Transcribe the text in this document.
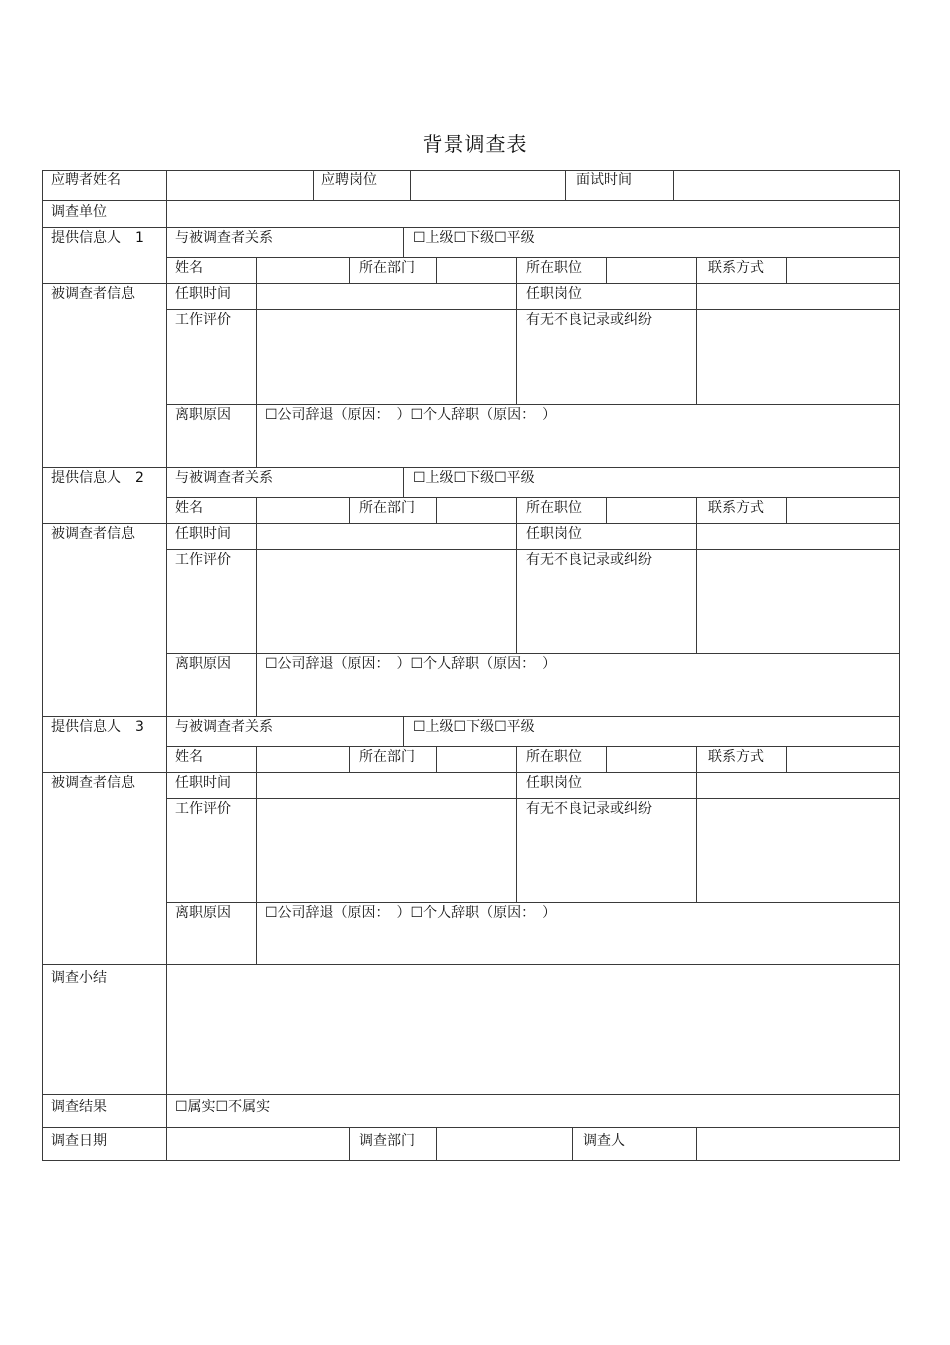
背景调查表
应聘者姓名	应聘岗位	面试时间
调查单位
提供信息人　1 与被调查者关系	☐上级☐下级☐平级
姓名	所在部门	所在职位	联系方式
被调查者信息	任职时间	任职岗位
工作评价	有无不良记录或纠纷
离职原因 ☐公司辞退（原因：　）☐个人辞职（原因：　）
提供信息人　2 与被调查者关系	☐上级☐下级☐平级
姓名	所在部门	所在职位	联系方式
被调查者信息	任职时间	任职岗位
工作评价	有无不良记录或纠纷
离职原因 ☐公司辞退（原因：　）☐个人辞职（原因：　）
提供信息人　3 与被调查者关系	☐上级☐下级☐平级
姓名	所在部门	所在职位	联系方式
被调查者信息	任职时间	任职岗位
工作评价	有无不良记录或纠纷
离职原因 ☐公司辞退（原因：　）☐个人辞职（原因：　）
调查小结
调查结果	☐属实☐不属实
调查日期	调查部门	调查人
